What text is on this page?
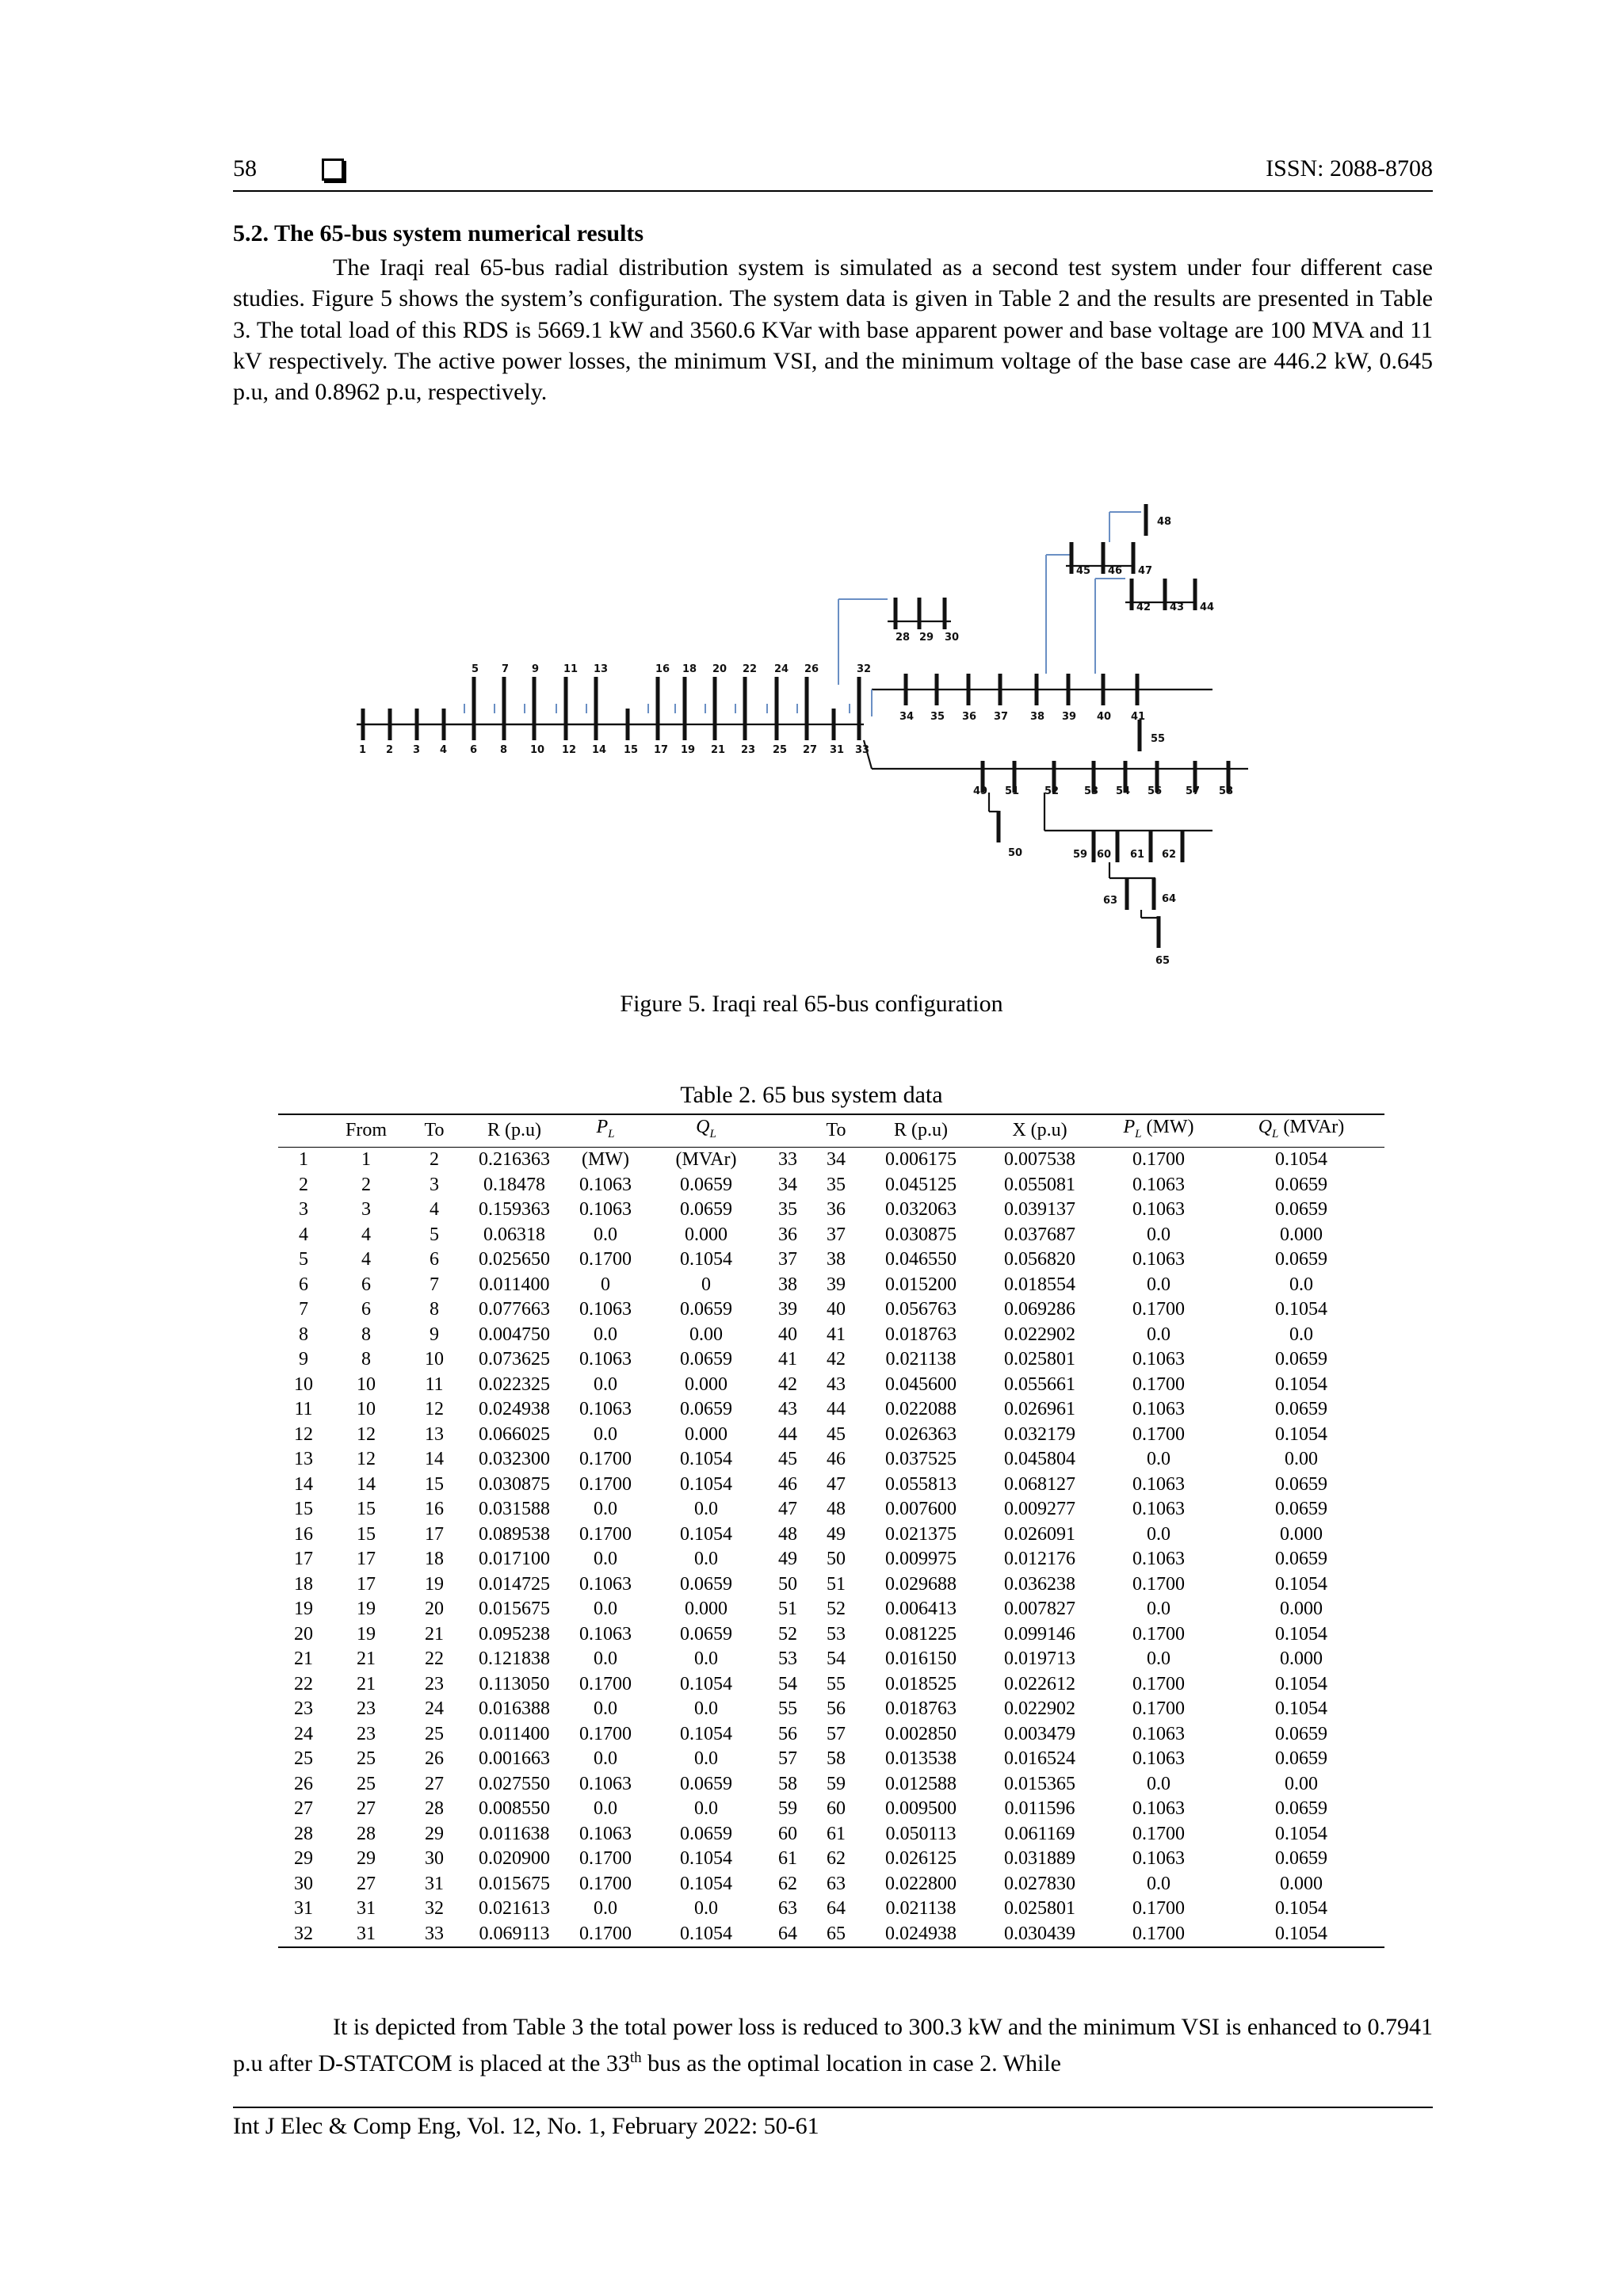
58	ISSN: 2088-8708
5.2. The 65-bus system numerical results
The Iraqi real 65-bus radial distribution system is simulated as a second test system under four different case studies. Figure 5 shows the system’s configuration. The system data is given in Table 2 and the results are presented in Table 3. The total load of this RDS is 5669.1 kW and 3560.6 KVar with base apparent power and base voltage are 100 MVA and 11 kV respectively. The active power losses, the minimum VSI, and the minimum voltage of the base case are 446.2 kW, 0.645 p.u, and 0.8962 p.u, respectively.
1 2 3 4 6 8 10 12 14 15 17 19 21 23 25 27 31 33
5 7 9 11 13	16 18 20 22 24 26	32
28 29 30
34 35 36 37 38 39 40 41
42 43 44
45 46 47
48
49 51 52 53 54 56 57 58
55
50	59 60 61 62
63	64
65
Figure 5. Iraqi real 65-bus configuration
Table 2. 65 bus system data
	From	To	R (p.u)	$P_L$	$Q_L$		To	R (p.u)	X (p.u)	$P_L$ (MW)	$Q_L$ (MVAr)
1	1	2	0.216363	(MW)	(MVAr)	33	34	0.006175	0.007538	0.1700	0.1054
2	2	3	0.18478	0.1063	0.0659	34	35	0.045125	0.055081	0.1063	0.0659
3	3	4	0.159363	0.1063	0.0659	35	36	0.032063	0.039137	0.1063	0.0659
4	4	5	0.06318	0.0	0.000	36	37	0.030875	0.037687	0.0	0.000
5	4	6	0.025650	0.1700	0.1054	37	38	0.046550	0.056820	0.1063	0.0659
6	6	7	0.011400	0	0	38	39	0.015200	0.018554	0.0	0.0
7	6	8	0.077663	0.1063	0.0659	39	40	0.056763	0.069286	0.1700	0.1054
8	8	9	0.004750	0.0	0.00	40	41	0.018763	0.022902	0.0	0.0
9	8	10	0.073625	0.1063	0.0659	41	42	0.021138	0.025801	0.1063	0.0659
10	10	11	0.022325	0.0	0.000	42	43	0.045600	0.055661	0.1700	0.1054
11	10	12	0.024938	0.1063	0.0659	43	44	0.022088	0.026961	0.1063	0.0659
12	12	13	0.066025	0.0	0.000	44	45	0.026363	0.032179	0.1700	0.1054
13	12	14	0.032300	0.1700	0.1054	45	46	0.037525	0.045804	0.0	0.00
14	14	15	0.030875	0.1700	0.1054	46	47	0.055813	0.068127	0.1063	0.0659
15	15	16	0.031588	0.0	0.0	47	48	0.007600	0.009277	0.1063	0.0659
16	15	17	0.089538	0.1700	0.1054	48	49	0.021375	0.026091	0.0	0.000
17	17	18	0.017100	0.0	0.0	49	50	0.009975	0.012176	0.1063	0.0659
18	17	19	0.014725	0.1063	0.0659	50	51	0.029688	0.036238	0.1700	0.1054
19	19	20	0.015675	0.0	0.000	51	52	0.006413	0.007827	0.0	0.000
20	19	21	0.095238	0.1063	0.0659	52	53	0.081225	0.099146	0.1700	0.1054
21	21	22	0.121838	0.0	0.0	53	54	0.016150	0.019713	0.0	0.000
22	21	23	0.113050	0.1700	0.1054	54	55	0.018525	0.022612	0.1700	0.1054
23	23	24	0.016388	0.0	0.0	55	56	0.018763	0.022902	0.1700	0.1054
24	23	25	0.011400	0.1700	0.1054	56	57	0.002850	0.003479	0.1063	0.0659
25	25	26	0.001663	0.0	0.0	57	58	0.013538	0.016524	0.1063	0.0659
26	25	27	0.027550	0.1063	0.0659	58	59	0.012588	0.015365	0.0	0.00
27	27	28	0.008550	0.0	0.0	59	60	0.009500	0.011596	0.1063	0.0659
28	28	29	0.011638	0.1063	0.0659	60	61	0.050113	0.061169	0.1700	0.1054
29	29	30	0.020900	0.1700	0.1054	61	62	0.026125	0.031889	0.1063	0.0659
30	27	31	0.015675	0.1700	0.1054	62	63	0.022800	0.027830	0.0	0.000
31	31	32	0.021613	0.0	0.0	63	64	0.021138	0.025801	0.1700	0.1054
32	31	33	0.069113	0.1700	0.1054	64	65	0.024938	0.030439	0.1700	0.1054
It is depicted from Table 3 the total power loss is reduced to 300.3 kW and the minimum VSI is enhanced to 0.7941 p.u after D-STATCOM is placed at the 33th bus as the optimal location in case 2. While
Int J Elec & Comp Eng, Vol. 12, No. 1, February 2022: 50-61
